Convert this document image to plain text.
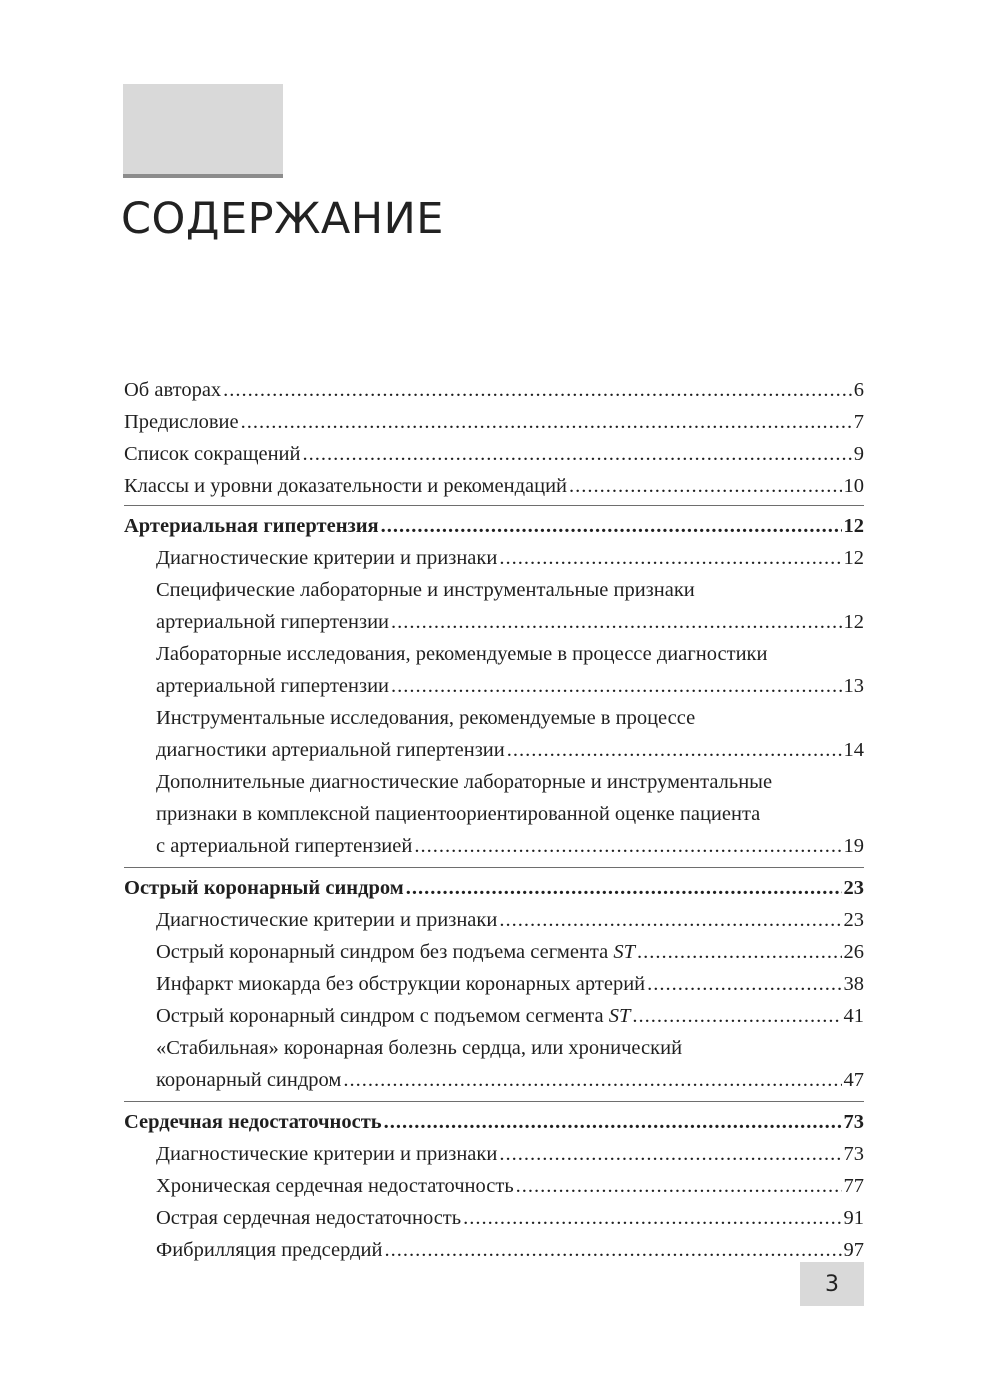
СОДЕРЖАНИЕ
Об авторах .....	6
Предисловие .....	7
Список сокращений .....	9
Классы и уровни доказательности и рекомендаций .....	10
Артериальная гипертензия .....	12
Диагностические критерии и признаки .....	12
Специфические лабораторные и инструментальные признаки
артериальной гипертензии .....	12
Лабораторные исследования, рекомендуемые в процессе диагностики
артериальной гипертензии .....	13
Инструментальные исследования, рекомендуемые в процессе
диагностики артериальной гипертензии .....	14
Дополнительные диагностические лабораторные и инструментальные
признаки в комплексной пациентоориентированной оценке пациента
с артериальной гипертензией .....	19
Острый коронарный синдром .....	23
Диагностические критерии и признаки .....	23
Острый коронарный синдром без подъема сегмента ST .....	26
Инфаркт миокарда без обструкции коронарных артерий .....	38
Острый коронарный синдром с подъемом сегмента ST .....	41
«Стабильная» коронарная болезнь сердца, или хронический
коронарный синдром .....	47
Сердечная недостаточность .....	73
Диагностические критерии и признаки .....	73
Хроническая сердечная недостаточность .....	77
Острая сердечная недостаточность .....	91
Фибрилляция предсердий .....	97
3
